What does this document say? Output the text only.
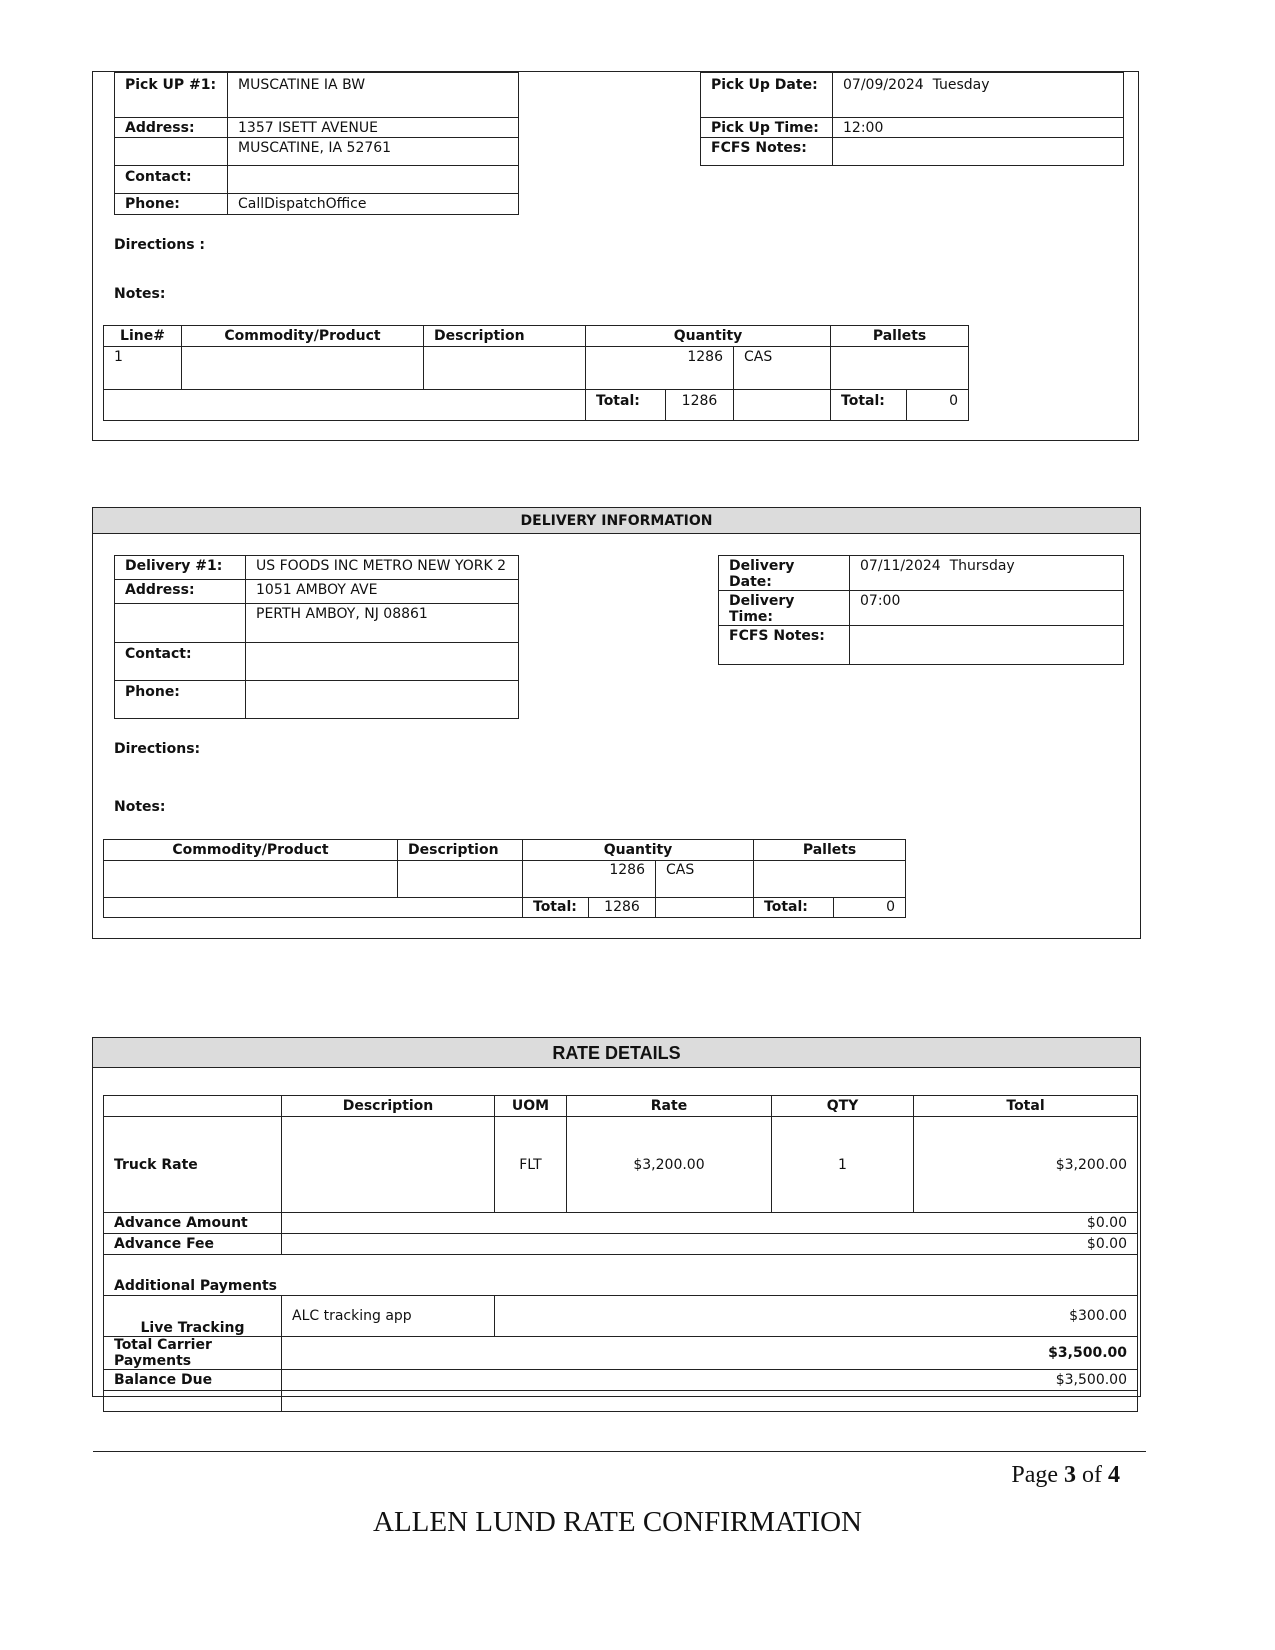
Pick UP #1:	MUSCATINE IA BW
Address:	1357 ISETT AVENUE
	MUSCATINE, IA 52761
Contact:	
Phone:	CallDispatchOffice
Pick Up Date:	07/09/2024  Tuesday
Pick Up Time:	12:00
FCFS Notes:	
Directions :
Notes:
Line#	Commodity/Product	Description	Quantity			Pallets	
1			1286		CAS		
			Total:	1286		Total:	0
DELIVERY INFORMATION
Delivery #1:	US FOODS INC METRO NEW YORK 2
Address:	1051 AMBOY AVE
	PERTH AMBOY, NJ 08861
Contact:	
Phone:	
Delivery Date:	07/11/2024  Thursday
Delivery Time:	07:00
FCFS Notes:	
Directions:
Notes:
Commodity/Product	Description	Quantity			Pallets	
		1286		CAS		
		Total:	1286		Total:	0
RATE DETAILS
	Description	UOM	Rate	QTY	Total
Truck Rate		FLT	$3,200.00	1	$3,200.00
Advance Amount	$0.00				
Advance Fee	$0.00				
Additional Payments					
Live Tracking	ALC tracking app	$300.00			
Total Carrier Payments	$3,500.00				
Balance Due	$3,500.00				

Page 3 of 4
ALLEN LUND RATE CONFIRMATION
